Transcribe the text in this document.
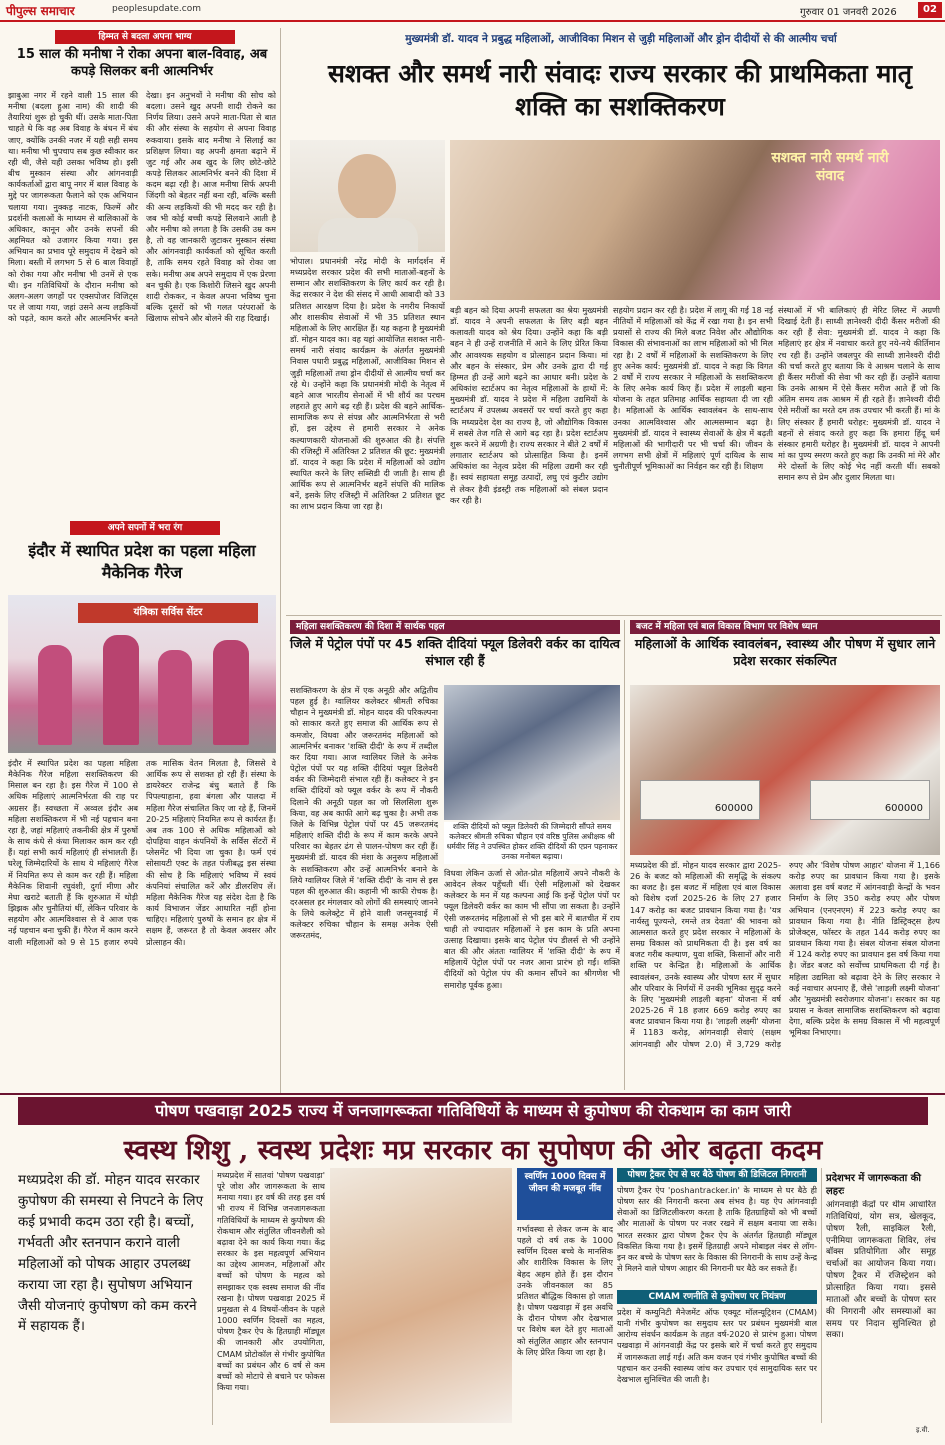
पीपुल्स समाचार	peoplesupdate.com	गुरुवार 01 जनवरी 2026	02
हिम्मत से बदला अपना भाग्य
15 साल की मनीषा ने रोका अपना बाल-विवाह, अब कपड़े सिलकर बनी आत्मनिर्भर
झाबुआ नगर में रहने वाली 15 साल की मनीषा (बदला हुआ नाम) की शादी की तैयारियां शुरू हो चुकी थीं। उसके माता-पिता चाहते थे कि वह अब विवाह के बंधन में बंध जाए, क्योंकि उनकी नजर में यही सही समय था। मनीषा भी चुपचाप सब कुछ स्वीकार कर रही थी, जैसे यही उसका भविष्य हो। इसी बीच मुस्कान संस्था और आंगनवाड़ी कार्यकर्ताओं द्वारा बापू नगर में बाल विवाह के मुद्दे पर जागरूकता फैलाने को एक अभियान चलाया गया। नुक्कड़ नाटक, फिल्में और प्रदर्शनी कलाओं के माध्यम से बालिकाओं के अधिकार, कानून और उनके सपनों की अहमियत को उजागर किया गया। इस अभियान का प्रभाव पूरे समुदाय में देखने को मिला। बस्ती में लगभग 5 से 6 बाल विवाहों को रोका गया और मनीषा भी उनमें से एक थी। इन गतिविधियों के दौरान मनीषा को अलग-अलग जगहों पर एक्सपोजर विजिट्स पर ले जाया गया, जहां उसने अन्य लड़कियों को पढ़ते, काम करते और आत्मनिर्भर बनते देखा। इन अनुभवों ने मनीषा की सोच को बदला। उसने खुद अपनी शादी रोकने का निर्णय लिया। उसने अपने माता-पिता से बात की और संस्था के सहयोग से अपना विवाह रुकवाया। इसके बाद मनीषा ने सिलाई का प्रशिक्षण लिया। वह अपनी क्षमता बढ़ाने में जुट गई और अब खुद के लिए छोटे-छोटे कपड़े सिलकर आत्मनिर्भर बनने की दिशा में कदम बढ़ा रही है। आज मनीषा सिर्फ अपनी जिंदगी को बेहतर नहीं बना रही, बल्कि बस्ती की अन्य लड़कियों की भी मदद कर रही है। जब भी कोई बच्ची कपड़े सिलवाने आती है और मनीषा को लगता है कि उसकी उम्र कम है, तो वह जानकारी जुटाकर मुस्कान संस्था और आंगनवाड़ी कार्यकर्ता को सूचित करती है, ताकि समय रहते विवाह को रोका जा सके। मनीषा अब अपने समुदाय में एक प्रेरणा बन चुकी है। एक किशोरी जिसने खुद अपनी शादी रोककर, न केवल अपना भविष्य चुना बल्कि दूसरों को भी गलत परंपराओं के खिलाफ सोचने और बोलने की राह दिखाई।
अपने सपनों में भरा रंग
इंदौर में स्थापित प्रदेश का पहला महिला मैकेनिक गैरेज
यंत्रिका सर्विस सेंटर
इंदौर में स्थापित प्रदेश का पहला महिला मैकेनिक गैरेज महिला सशक्तिकरण की मिसाल बन रहा है। इस गैरेज में 100 से अधिक महिलाएं आत्मनिर्भरता की राह पर अग्रसर हैं। स्वच्छता में अव्वल इंदौर अब महिला सशक्तिकरण में भी नई पहचान बना रहा है, जहां महिलाएं तकनीकी क्षेत्र में पुरुषों के साथ कंधे से कंधा मिलाकर काम कर रही हैं। यहां सभी कार्य महिलाएं ही संभालती हैं। घरेलू जिम्मेदारियों के साथ ये महिलाएं गैरेज में नियमित रूप से काम कर रही हैं। महिला मैकेनिक शिवानी रघुवंशी, दुर्गा मीणा और मेघा खराटे बताती हैं कि शुरुआत में थोड़ी झिझक और चुनौतियां थीं, लेकिन परिवार के सहयोग और आत्मविश्वास से वे आज एक नई पहचान बना चुकी हैं। गैरेज में काम करने वाली महिलाओं को 9 से 15 हजार रुपये तक मासिक वेतन मिलता है, जिससे वे आर्थिक रूप से सशक्त हो रही हैं। संस्था के डायरेक्टर राजेन्द्र बंधु बताते हैं कि पिपल्याहाना, हवा बंगला और पालदा में महिला गैरेज संचालित किए जा रहे हैं, जिनमें 20-25 महिलाएं नियमित रूप से कार्यरत हैं। अब तक 100 से अधिक महिलाओं को दोपहिया वाहन कंपनियों के सर्विस सेंटरों में प्लेसमेंट भी दिया जा चुका है। फर्म एवं सोसायटी एक्ट के तहत पंजीबद्ध इस संस्था की सोच है कि महिलाएं भविष्य में स्वयं कंपनियां संचालित करें और डीलरशिप लें। महिला मैकेनिक गैरेज यह संदेश देता है कि कार्य विभाजन जेंडर आधारित नहीं होना चाहिए। महिलाएं पुरुषों के समान हर क्षेत्र में सक्षम हैं, जरूरत है तो केवल अवसर और प्रोत्साहन की।
मुख्यमंत्री डॉ. यादव ने प्रबुद्ध महिलाओं, आजीविका मिशन से जुड़ी महिलाओं और ड्रोन दीदीयों से की आत्मीय चर्चा
सशक्त और समर्थ नारी संवादः राज्य सरकार की प्राथमिकता मातृ शक्ति का सशक्तिकरण
भोपाल। प्रधानमंत्री नरेंद्र मोदी के मार्गदर्शन में मध्यप्रदेश सरकार प्रदेश की सभी माताओं-बहनों के सम्मान और सशक्तिकरण के लिए कार्य कर रही है। केंद्र सरकार ने देश की संसद में आधी आबादी को 33 प्रतिशत आरक्षण दिया है। प्रदेश के नगरीय निकायों और शासकीय सेवाओं में भी 35 प्रतिशत स्थान महिलाओं के लिए आरक्षित हैं। यह कहना है मुख्यमंत्री डॉ. मोहन यादव का। वह यहां आयोजित सशक्त नारी-समर्थ नारी संवाद कार्यक्रम के अंतर्गत मुख्यमंत्री निवास पधारी प्रबुद्ध महिलाओं, आजीविका मिशन से जुड़ी महिलाओं तथा ड्रोन दीदीयों से आत्मीय चर्चा कर रहे थे। उन्होंने कहा कि प्रधानमंत्री मोदी के नेतृत्व में बहने आज भारतीय सेनाओं में भी शौर्य का परचम लहराते हुए आगे बढ़ रही हैं। प्रदेश की बहने आर्थिक-सामाजिक रूप से संपन्न और आत्मनिर्भरता से भरी हों, इस उद्देश्य से हमारी सरकार ने अनेक कल्याणकारी योजनाओं की शुरुआत की है। संपत्ति की रजिस्ट्री में अतिरिक्त 2 प्रतिशत की छूट: मुख्यमंत्री डॉ. यादव ने कहा कि प्रदेश में महिलाओं को उद्योग स्थापित करने के लिए सब्सिडी दी जाती है। साथ ही आर्थिक रूप से आत्मनिर्भर बहनें संपत्ति की मालिक बनें, इसके लिए रजिस्ट्री में अतिरिक्त 2 प्रतिशत छूट का लाभ प्रदान किया जा रहा है।
सशक्त नारी समर्थ नारी संवाद
बड़ी बहन को दिया अपनी सफलता का श्रेयः मुख्यमंत्री डॉ. यादव ने अपनी सफलता के लिए बड़ी बहन कलावती यादव को श्रेय दिया। उन्होंने कहा कि बड़ी बहन ने ही उन्हें राजनीति में आने के लिए प्रेरित किया और आवश्यक सहयोग व प्रोत्साहन प्रदान किया। मां और बहन के संस्कार, प्रेम और उनके द्वारा दी गई हिम्मत ही उन्हें आगे बढ़ने का आधार बनी। प्रदेश के अधिकांश स्टार्टअप का नेतृत्व महिलाओं के हाथों में: मुख्यमंत्री डॉ. यादव ने प्रदेश में महिला उद्यमियों के स्टार्टअप में उपलब्ध अवसरों पर चर्चा करते हुए कहा कि मध्यप्रदेश देश का राज्य है, जो औद्योगिक विकास में सबसे तेज गति से आगे बढ़ रहा है। प्रदेश स्टार्टअप शुरू करने में अग्रणी है। राज्य सरकार ने बीते 2 वर्षों में लगातार स्टार्टअप को प्रोत्साहित किया है। इनमें अधिकांश का नेतृत्व प्रदेश की महिला उद्यमी कर रही हैं। स्वयं सहायता समूह उत्पादों, लघु एवं कुटीर उद्योग से लेकर हैवी इंडस्ट्री तक महिलाओं को संबल प्रदान कर रही है।
सहयोग प्रदान कर रही है। प्रदेश में लागू की गई 18 नई नीतियों में महिलाओं को केंद्र में रखा गया है। इन सभी प्रयासों से राज्य की मिले बजट निवेश और औद्योगिक विकास की संभावनाओं का लाभ महिलाओं को भी मिल रहा है। 2 वर्षों में महिलाओं के सशक्तिकरण के लिए हुए अनेक कार्य: मुख्यमंत्री डॉ. यादव ने कहा कि विगत 2 वर्षों में राज्य सरकार ने महिलाओं के सशक्तिकरण के लिए अनेक कार्य किए हैं। प्रदेश में लाड़ली बहना योजना के तहत प्रतिमाह आर्थिक सहायता दी जा रही है। महिलाओं के आर्थिक स्वावलंबन के साथ-साथ उनका आत्मविश्वास और आत्मसम्मान बढ़ा है। मुख्यमंत्री डॉ. यादव ने स्वास्थ्य सेवाओं के क्षेत्र में बढ़ती महिलाओं की भागीदारी पर भी चर्चा की। जीवन के लगभग सभी क्षेत्रों में महिलाएं पूर्ण दायित्व के साथ चुनौतीपूर्ण भूमिकाओं का निर्वहन कर रही हैं। शिक्षण
संस्थाओं में भी बालिकाएं ही मेरिट लिस्ट में अग्रणी दिखाई देती हैं। साध्वी ज्ञानेश्वरी दीदी कैंसर मरीजों की कर रही हैं सेवा: मुख्यमंत्री डॉ. यादव ने कहा कि महिलाएं हर क्षेत्र में नवाचार करते हुए नये-नये कीर्तिमान रच रही हैं। उन्होंने जबलपुर की साध्वी ज्ञानेश्वरी दीदी की चर्चा करते हुए बताया कि वे आश्रम चलाने के साथ ही कैंसर मरीजों की सेवा भी कर रही हैं। उन्होंने बताया कि उनके आश्रम में ऐसे कैंसर मरीज आते हैं जो कि अंतिम समय तक आश्रम में ही रहते हैं। ज्ञानेश्वरी दीदी ऐसे मरीजों का मरते दम तक उपचार भी करती हैं। मां के लिए संस्कार हैं हमारी धरोहर: मुख्यमंत्री डॉ. यादव ने बहनों से संवाद करते हुए कहा कि हमारा हिंदू धर्म संस्कार हमारी धरोहर है। मुख्यमंत्री डॉ. यादव ने आपनी मां का पुण्य स्मरण करते हुए कहा कि उनकी मां मेरे और मेरे दोस्तों के लिए कोई भेद नहीं करती थीं। सबको समान रूप से प्रेम और दुलार मिलता था।
महिला सशक्तिकरण की दिशा में सार्थक पहल
जिले में पेट्रोल पंपों पर 45 शक्ति दीदियां फ्यूल डिलेवरी वर्कर का दायित्व संभाल रही हैं
सशक्तिकरण के क्षेत्र में एक अनूठी और अद्वितीय पहल हुई है। ग्वालियर कलेक्टर श्रीमती रुचिका चौहान ने मुख्यमंत्री डॉ. मोहन यादव की परिकल्पना को साकार करते हुए समाज की आर्थिक रूप से कमजोर, विधवा और जरूरतमंद महिलाओं को आत्मनिर्भर बनाकर 'शक्ति दीदी' के रूप में तब्दील कर दिया गया। आज ग्वालियर जिले के अनेक पेट्रोल पंपों पर यह शक्ति दीदियां फ्यूल डिलेवरी वर्कर की जिम्मेदारी संभाल रही हैं। कलेक्टर ने इन शक्ति दीदियों को फ्यूल वर्कर के रूप में नौकरी दिलाने की अनूठी पहल का जो सिलसिला शुरू किया, वह अब काफी आगे बढ़ चुका है। अभी तक जिले के विभिन्न पेट्रोल पंपों पर 45 जरूरतमंद महिलाएं शक्ति दीदी के रूप में काम करके अपने परिवार का बेहतर ढंग से पालन-पोषण कर रही हैं। मुख्यमंत्री डॉ. यादव की मंशा के अनुरूप महिलाओं के सशक्तिकरण और उन्हें आत्मनिर्भर बनाने के लिये ग्वालियर जिले में 'शक्ति दीदी' के नाम से इस पहल की शुरुआत की। कहानी भी काफी रोचक है। दरअसल हर मंगलवार को लोगों की समस्याएं जानने के लिये कलेक्ट्रेट में होने वाली जनसुनवाई में कलेक्टर रुचिका चौहान के समक्ष अनेक ऐसी जरूरतमंद,
शक्ति दीदियों को फ्यूल डिलेवरी की जिम्मेदारी सौंपते समय कलेक्टर श्रीमती रुचिका चौहान एवं वरिष्ठ पुलिस अधीक्षक श्री धर्मवीर सिंह ने उपस्थित होकर शक्ति दीदियों की एप्रन पहनाकर उनका मनोबल बढ़ाया।
विधवा लेकिन ऊर्जा से ओत-प्रोत महिलायें अपने नौकरी के आवेदन लेकर पहुँचती थीं। ऐसी महिलाओं को देखकर कलेक्टर के मन में यह कल्पना आई कि इन्हें पेट्रोल पंपों पर फ्यूल डिलेवरी वर्कर का काम भी सौंपा जा सकता है। उन्होंने ऐसी जरूरतमंद महिलाओं से भी इस बारे में बातचीत में राय चाही तो ज्यादातर महिलाओं ने इस काम के प्रति अपना उत्साह दिखाया। इसके बाद पेट्रोल पंप डीलर्स से भी उन्होंने बात की और अंततः ग्वालियर में 'शक्ति दीदी' के रूप में महिलायें पेट्रोल पंपों पर नजर आना प्रारंभ हो गईं। शक्ति दीदियों को पेट्रोल पंप की कमान सौंपने का श्रीगणेश भी समारोह पूर्वक हुआ।
बजट में महिला एवं बाल विकास विभाग पर विशेष ध्यान
महिलाओं के आर्थिक स्वावलंबन, स्वास्थ्य और पोषण में सुधार लाने प्रदेश सरकार संकल्पित
600000	600000
मध्यप्रदेश की डॉ. मोहन यादव सरकार द्वारा 2025-26 के बजट को महिलाओं की समृद्धि के संकल्प का बजट है। इस बजट में महिला एवं बाल विकास को विशेष दर्जा 2025-26 के लिए 27 हजार 147 करोड़ का बजट प्रावधान किया गया है। 'यत्र नार्यस्तु पूज्यन्ते, रमन्ते तत्र देवता' की भावना को आत्मसात करते हुए प्रदेश सरकार ने महिलाओं के समग्र विकास को प्राथमिकता दी है। इस वर्ष का बजट गरीब कल्याण, युवा शक्ति, किसानों और नारी शक्ति पर केन्द्रित है। महिलाओं के आर्थिक स्वावलंबन, उनके स्वास्थ्य और पोषण स्तर में सुधार और परिवार के निर्णयों में उनकी भूमिका सुदृढ़ करने के लिए 'मुख्यमंत्री लाड़ली बहना' योजना में वर्ष 2025-26 में 18 हजार 669 करोड़ रुपए का बजट प्रावधान किया गया है। 'लाड़ली लक्ष्मी' योजना में 1183 करोड़, आंगनवाड़ी सेवाएं (सक्षम आंगनवाड़ी और पोषण 2.0) में 3,729 करोड़ रुपए और 'विशेष पोषण आहार' योजना में 1,166 करोड़ रुपए का प्रावधान किया गया है। इसके अलावा इस वर्ष बजट में आंगनवाड़ी केन्द्रों के भवन निर्माण के लिए 350 करोड़ रुपए और पोषण अभियान (एनएनएम) में 223 करोड़ रुपए का प्रावधान किया गया है। नीति डिस्ट्रिक्ट्स हेल्प प्रोजेक्ट्स, फॉस्टर के तहत 144 करोड़ रुपए का प्रावधान किया गया है। संबल योजना संबल योजना में 124 करोड़ रुपए का प्रावधान इस वर्ष किया गया है। जेंडर बजट को सर्वोच्च प्राथमिकता दी गई है। महिला उद्यमिता को बढ़ावा देने के लिए सरकार ने कई नवाचार अपनाए हैं, जैसे 'लाड़ली लक्ष्मी योजना' और 'मुख्यमंत्री स्वरोजगार योजना'। सरकार का यह प्रयास न केवल सामाजिक सशक्तिकरण को बढ़ावा देगा, बल्कि प्रदेश के समग्र विकास में भी महत्वपूर्ण भूमिका निभाएगा।
पोषण पखवाड़ा 2025 राज्य में जनजागरूकता गतिविधियों के माध्यम से कुपोषण की रोकथाम का काम जारी
स्वस्थ शिशु , स्वस्थ प्रदेशः मप्र सरकार का सुपोषण की ओर बढ़ता कदम
मध्यप्रदेश की डॉ. मोहन यादव सरकार कुपोषण की समस्या से निपटने के लिए कई प्रभावी कदम उठा रही है। बच्चों, गर्भवती और स्तनपान कराने वाली महिलाओं को पोषक आहार उपलब्ध कराया जा रहा है। सुपोषण अभियान जैसी योजनाएं कुपोषण को कम करने में सहायक हैं।
मध्यप्रदेश में सातवां 'पोषण पखवाड़ा' पूरे जोश और जागरूकता के साथ मनाया गया। हर वर्ष की तरह इस वर्ष भी राज्य में विभिन्न जनजागरूकता गतिविधियों के माध्यम से कुपोषण की रोकथाम और संतुलित जीवनशैली को बढ़ावा देने का कार्य किया गया। केंद्र सरकार के इस महत्वपूर्ण अभियान का उद्देश्य आमजन, महिलाओं और बच्चों को पोषण के महत्व को समझाकर एक स्वस्थ समाज की नींव रखना है। पोषण पखवाड़ा 2025 में प्रमुखता से 4 विषयों-जीवन के पहले 1000 स्वर्णिम दिवसों का महत्व, पोषण ट्रैकर ऐप के हितग्राही मॉड्यूल की जानकारी और उपयोगिता, CMAM प्रोटोकॉल से गंभीर कुपोषित बच्चों का प्रबंधन और 6 वर्ष से कम बच्चों को मोटापे से बचाने पर फोकस किया गया।
स्वर्णिम 1000 दिवस में जीवन की मजबूत नींव
गर्भावस्था से लेकर जन्म के बाद पहले दो वर्ष तक के 1000 स्वर्णिम दिवस बच्चे के मानसिक और शारीरिक विकास के लिए बेहद अहम होते हैं। इस दौरान उनके जीवनकाल का 85 प्रतिशत बौद्धिक विकास हो जाता है। पोषण पखवाड़ा में इस अवधि के दौरान पोषण और देखभाल पर विशेष बल देते हुए माताओं को संतुलित आहार और स्तनपान के लिए प्रेरित किया जा रहा है।
पोषण ट्रैकर ऐप से घर बैठे पोषण की डिजिटल निगरानी
पोषण ट्रैकर ऐप 'poshantracker.in' के माध्यम से घर बैठे ही पोषण स्तर की निगरानी करना अब संभव है। यह ऐप आंगनवाड़ी सेवाओं का डिजिटलीकरण करता है ताकि हितग्राहियों को भी बच्चों और माताओं के पोषण पर नजर रखने में सक्षम बनाया जा सके। भारत सरकार द्वारा पोषण ट्रैकर ऐप के अंतर्गत हितग्राही मॉड्यूल विकसित किया गया है। इसमें हितग्राही अपने मोबाइल नंबर से लॉग-इन कर बच्चे के पोषण स्तर के विकास की निगरानी के साथ उन्हें केन्द्र से मिलने वाले पोषण आहार की निगरानी घर बैठे कर सकते हैं।
CMAM रणनीति से कुपोषण पर नियंत्रण
प्रदेश में कम्युनिटी मैनेजमेंट ऑफ एक्यूट मॉलन्यूट्रिशन (CMAM) यानी गंभीर कुपोषण का समुदाय स्तर पर प्रबंधन मुख्यमंत्री बाल आरोग्य संवर्धन कार्यक्रम के तहत वर्ष-2020 से प्रारंभ हुआ। पोषण पखवाड़ा में आंगनवाड़ी केंद्र पर इसके बारे में चर्चा करते हुए समुदाय में जागरूकता लाई गई। अति कम वजन एवं गंभीर कुपोषित बच्चों की पहचान कर उनकी स्वास्थ्य जांच कर उपचार एवं सामुदायिक स्तर पर देखभाल सुनिश्चित की जाती है।
प्रदेशभर में जागरूकता की लहरः
आंगनवाड़ी केंद्रों पर थीम आधारित गतिविधियां, योग सत्र, खेलकूद, पोषण रैली, साइकिल रैली, एनीमिया जागरूकता शिविर, लंच बॉक्स प्रतियोगिता और समूह चर्चाओं का आयोजन किया गया। पोषण ट्रैकर में रजिस्ट्रेशन को प्रोत्साहित किया गया। इससे माताओं और बच्चों के पोषण स्तर की निगरानी और समस्याओं का समय पर निदान सुनिश्चित हो सका।
इ.वी.
